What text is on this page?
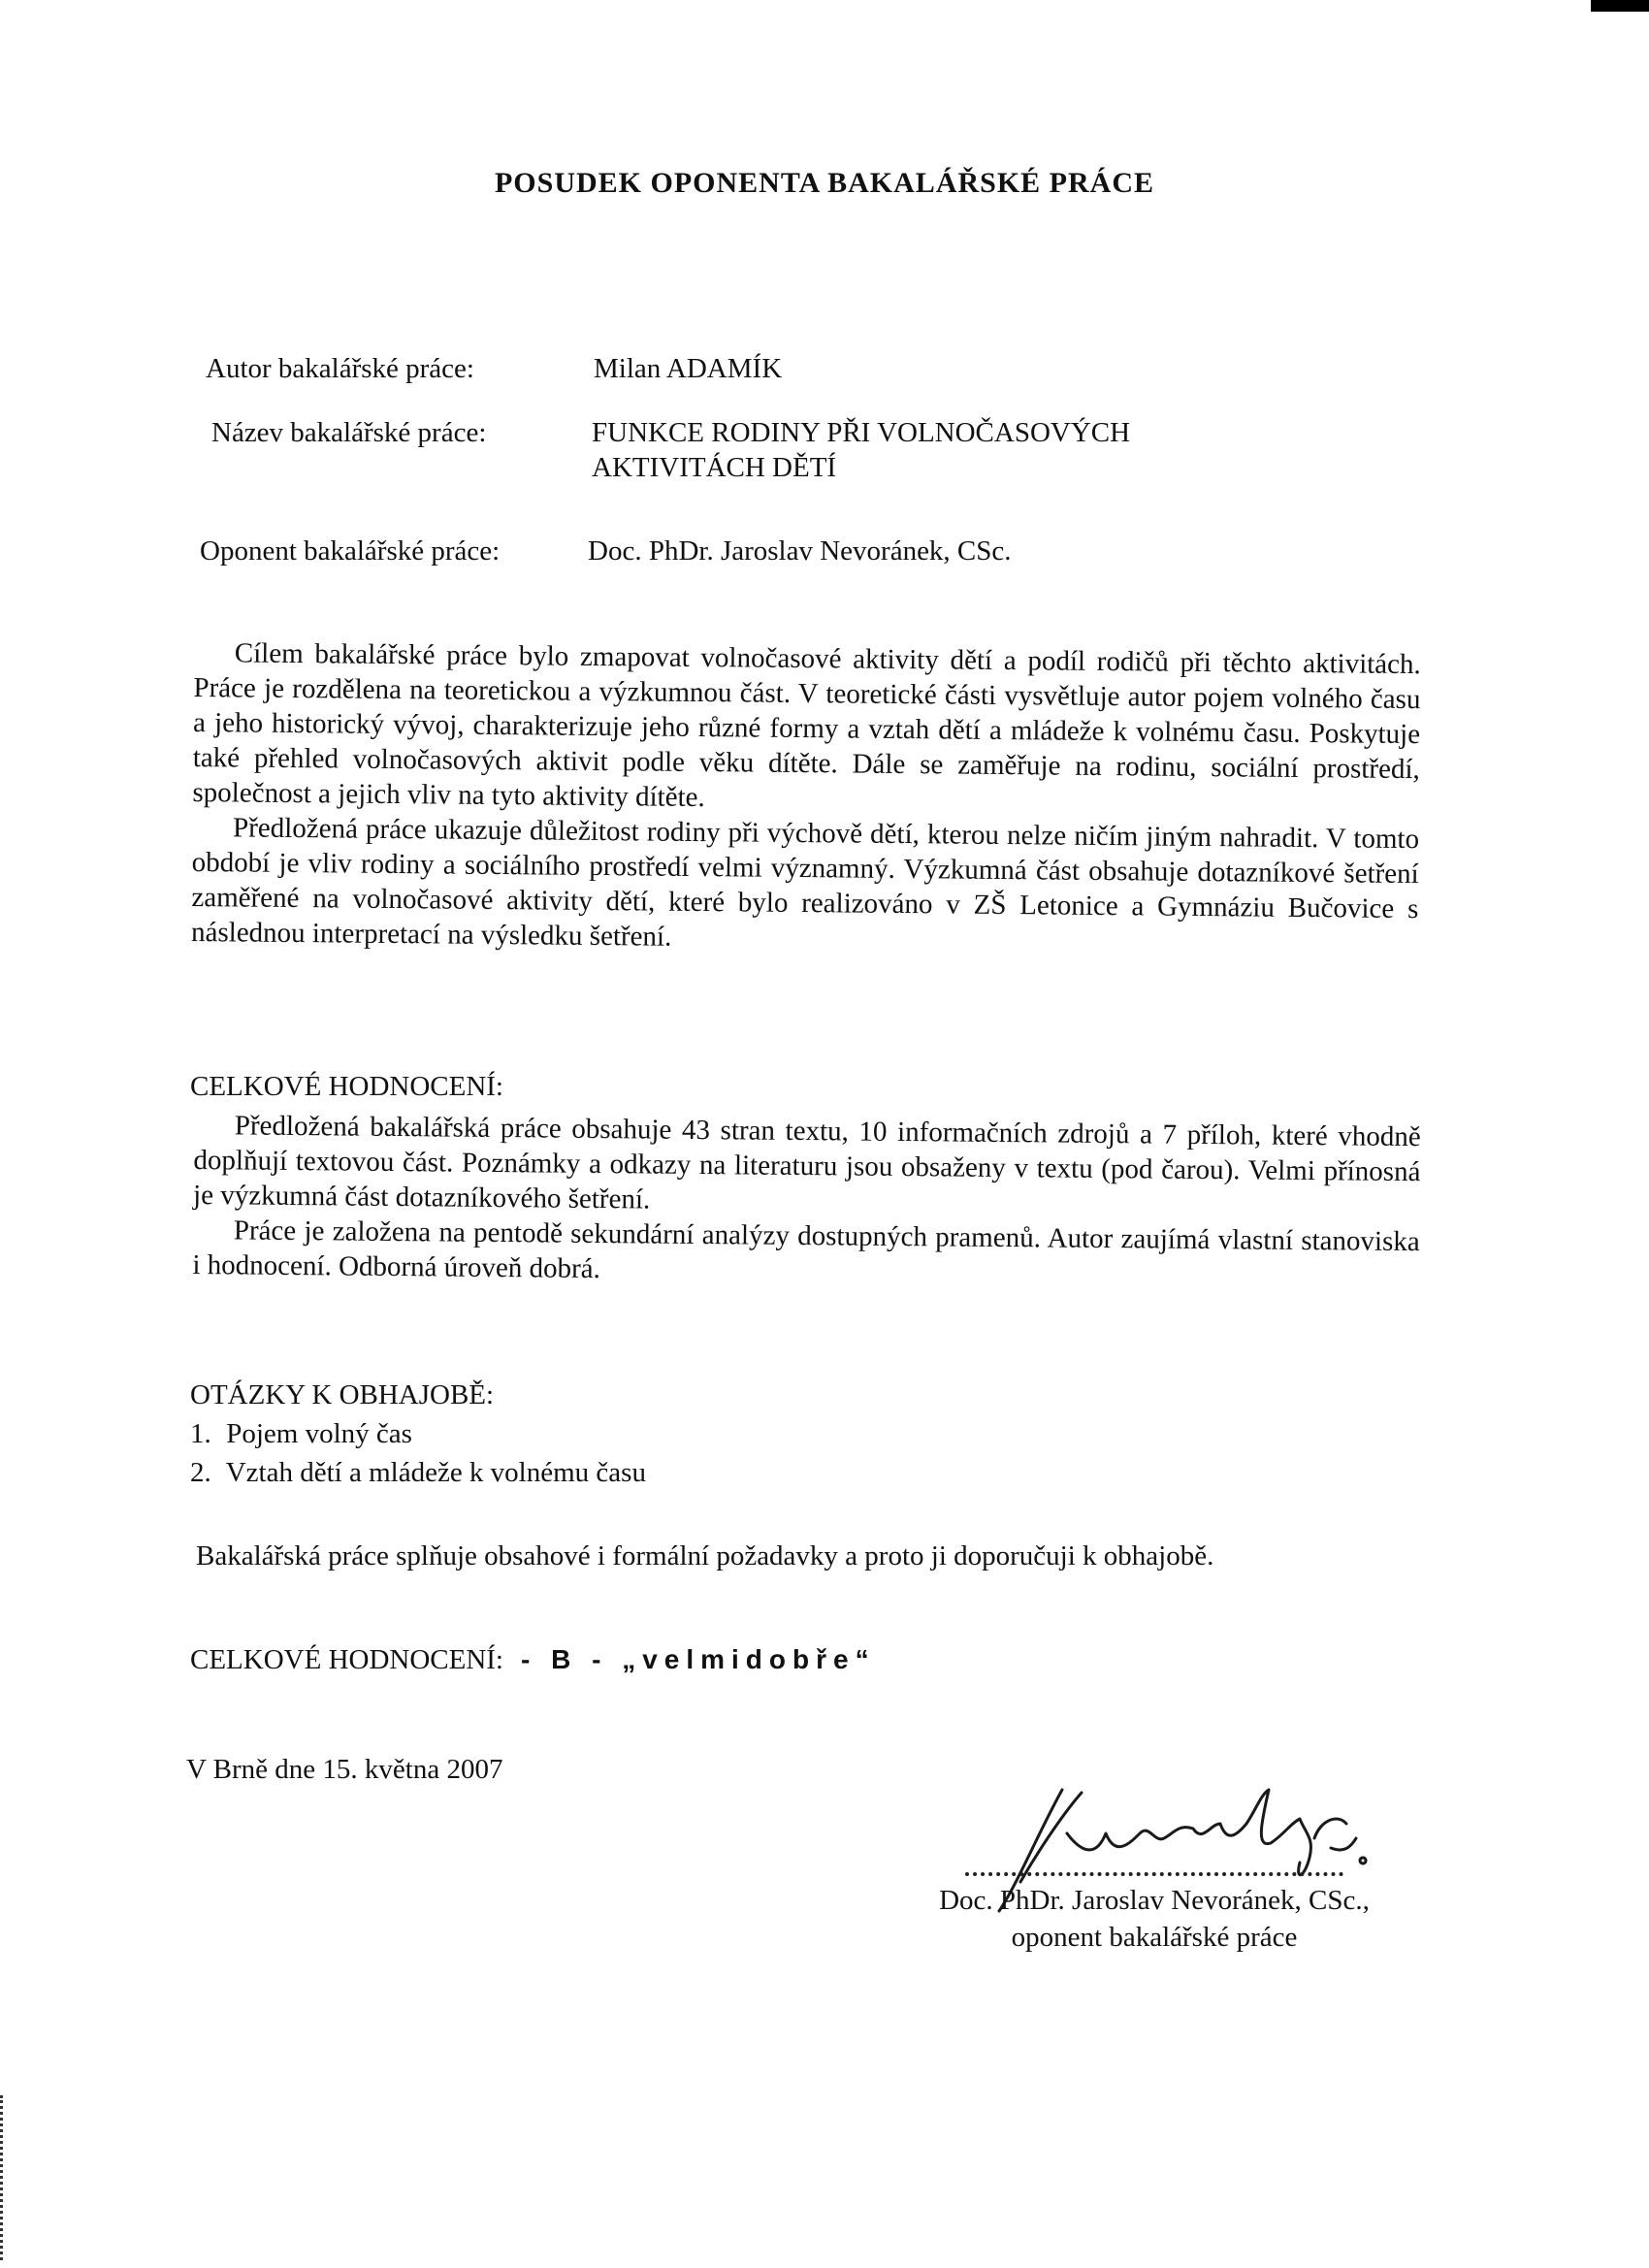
POSUDEK OPONENTA BAKALÁŘSKÉ PRÁCE
Autor bakalářské práce:	Milan ADAMÍK
Název bakalářské práce:	FUNKCE RODINY PŘI VOLNOČASOVÝCH
AKTIVITÁCH DĚTÍ
Oponent bakalářské práce:	Doc. PhDr. Jaroslav Nevoránek, CSc.

Cílem bakalářské práce bylo zmapovat volnočasové aktivity dětí a podíl rodičů při těchto aktivitách. Práce je rozdělena na teoretickou a výzkumnou část. V teoretické části vysvětluje autor pojem volného času a jeho historický vývoj, charakterizuje jeho různé formy a vztah dětí a mládeže k volnému času. Poskytuje také přehled volnočasových aktivit podle věku dítěte. Dále se zaměřuje na rodinu, sociální prostředí, společnost a jejich vliv na tyto aktivity dítěte.

Předložená práce ukazuje důležitost rodiny při výchově dětí, kterou nelze ničím jiným nahradit. V tomto období je vliv rodiny a sociálního prostředí velmi významný. Výzkumná část obsahuje dotazníkové šetření zaměřené na volnočasové aktivity dětí, které bylo realizováno v ZŠ Letonice a Gymnáziu Bučovice s následnou interpretací na výsledku šetření.

CELKOVÉ HODNOCENÍ:

Předložená bakalářská práce obsahuje 43 stran textu, 10 informačních zdrojů a 7 příloh, které vhodně doplňují textovou část. Poznámky a odkazy na literaturu jsou obsaženy v textu (pod čarou). Velmi přínosná je výzkumná část dotazníkového šetření.

Práce je založena na pentodě sekundární analýzy dostupných pramenů. Autor zaujímá vlastní stanoviska i hodnocení. Odborná úroveň dobrá.

OTÁZKY K OBHAJOBĚ:
1. Pojem volný čas
2. Vztah dětí a mládeže k volnému času
Bakalářská práce splňuje obsahové i formální požadavky a proto ji doporučuji k obhajobě.
CELKOVÉ HODNOCENÍ: - B - „velmidobře“
V Brně dne 15. května 2007
Doc. PhDr. Jaroslav Nevoránek, CSc.,
oponent bakalářské práce
